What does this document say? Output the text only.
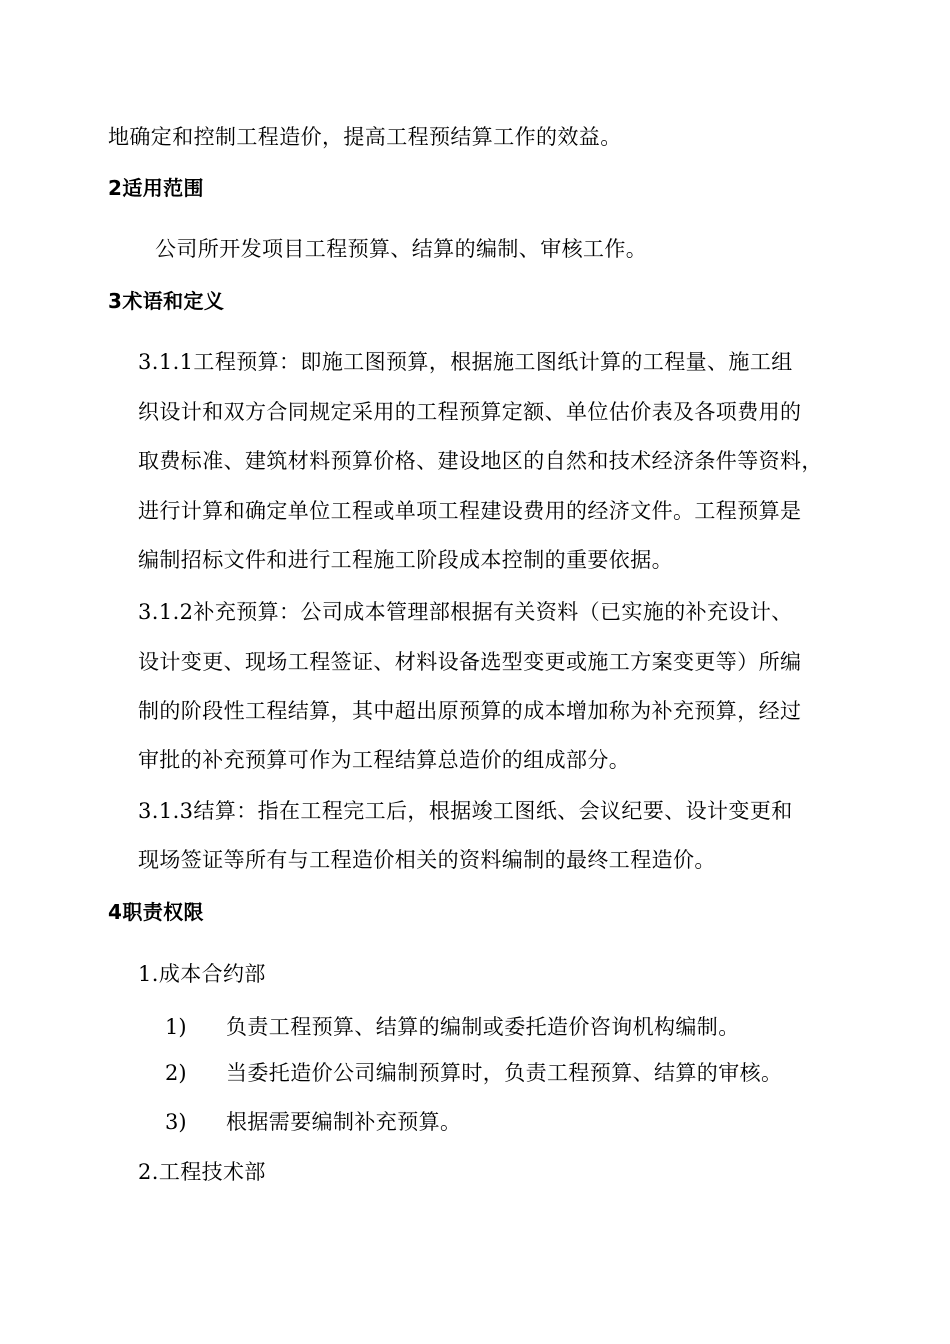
地确定和控制工程造价，提高工程预结算工作的效益。
2适用范围
公司所开发项目工程预算、结算的编制、审核工作。
3术语和定义
3.1.1工程预算：即施工图预算，根据施工图纸计算的工程量、施工组
织设计和双方合同规定采用的工程预算定额、单位估价表及各项费用的
取费标准、建筑材料预算价格、建设地区的自然和技术经济条件等资料，
进行计算和确定单位工程或单项工程建设费用的经济文件。工程预算是
编制招标文件和进行工程施工阶段成本控制的重要依据。
3.1.2补充预算：公司成本管理部根据有关资料（已实施的补充设计、
设计变更、现场工程签证、材料设备选型变更或施工方案变更等）所编
制的阶段性工程结算，其中超出原预算的成本增加称为补充预算，经过
审批的补充预算可作为工程结算总造价的组成部分。
3.1.3结算：指在工程完工后，根据竣工图纸、会议纪要、设计变更和
现场签证等所有与工程造价相关的资料编制的最终工程造价。
4职责权限
1.成本合约部
1) 负责工程预算、结算的编制或委托造价咨询机构编制。
2) 当委托造价公司编制预算时，负责工程预算、结算的审核。
3) 根据需要编制补充预算。
2.工程技术部
